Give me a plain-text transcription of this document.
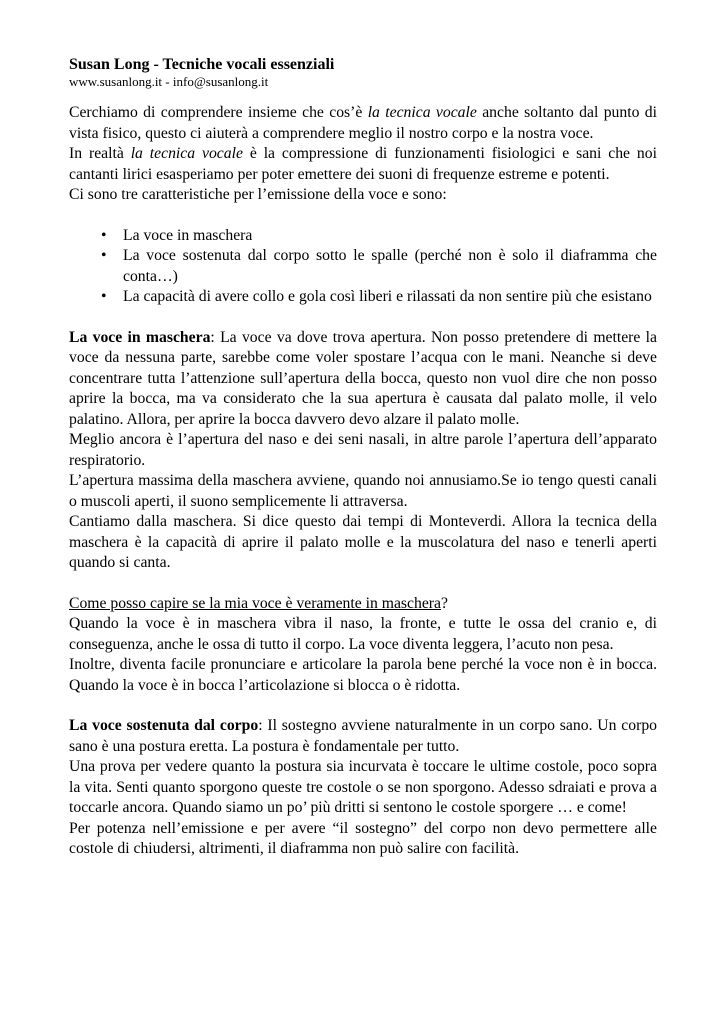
Susan Long - Tecniche vocali essenziali

www.susanlong.it - info@susanlong.it

Cerchiamo di comprendere insieme che cos’è la tecnica vocale anche soltanto dal punto di vista fisico, questo ci aiuterà a comprendere meglio il nostro corpo e la nostra voce.

In realtà la tecnica vocale è la compressione di funzionamenti fisiologici e sani che noi cantanti lirici esasperiamo per poter emettere dei suoni di frequenze estreme e potenti.

Ci sono tre caratteristiche per l’emissione della voce e sono:

• La voce in maschera
• La voce sostenuta dal corpo sotto le spalle (perché non è solo il diaframma che conta…)
• La capacità di avere collo e gola così liberi e rilassati da non sentire più che esistano

La voce in maschera: La voce va dove trova apertura. Non posso pretendere di mettere la voce da nessuna parte, sarebbe come voler spostare l’acqua con le mani. Neanche si deve concentrare tutta l’attenzione sull’apertura della bocca, questo non vuol dire che non posso aprire la bocca, ma va considerato che la sua apertura è causata dal palato molle, il velo palatino. Allora, per aprire la bocca davvero devo alzare il palato molle.

Meglio ancora è l’apertura del naso e dei seni nasali, in altre parole l’apertura dell’apparato respiratorio.

L’apertura massima della maschera avviene, quando noi annusiamo.Se io tengo questi canali o muscoli aperti, il suono semplicemente li attraversa.

Cantiamo dalla maschera. Si dice questo dai tempi di Monteverdi. Allora la tecnica della maschera è la capacità di aprire il palato molle e la muscolatura del naso e tenerli aperti quando si canta.

Come posso capire se la mia voce è veramente in maschera?

Quando la voce è in maschera vibra il naso, la fronte, e tutte le ossa del cranio e, di conseguenza, anche le ossa di tutto il corpo. La voce diventa leggera, l’acuto non pesa.

Inoltre, diventa facile pronunciare e articolare la parola bene perché la voce non è in bocca. Quando la voce è in bocca l’articolazione si blocca o è ridotta.

La voce sostenuta dal corpo: Il sostegno avviene naturalmente in un corpo sano. Un corpo sano è una postura eretta. La postura è fondamentale per tutto.

Una prova per vedere quanto la postura sia incurvata è toccare le ultime costole, poco sopra la vita. Senti quanto sporgono queste tre costole o se non sporgono. Adesso sdraiati e prova a toccarle ancora. Quando siamo un po’ più dritti si sentono le costole sporgere … e come!

Per potenza nell’emissione e per avere “il sostegno” del corpo non devo permettere alle costole di chiudersi, altrimenti, il diaframma non può salire con facilità.
